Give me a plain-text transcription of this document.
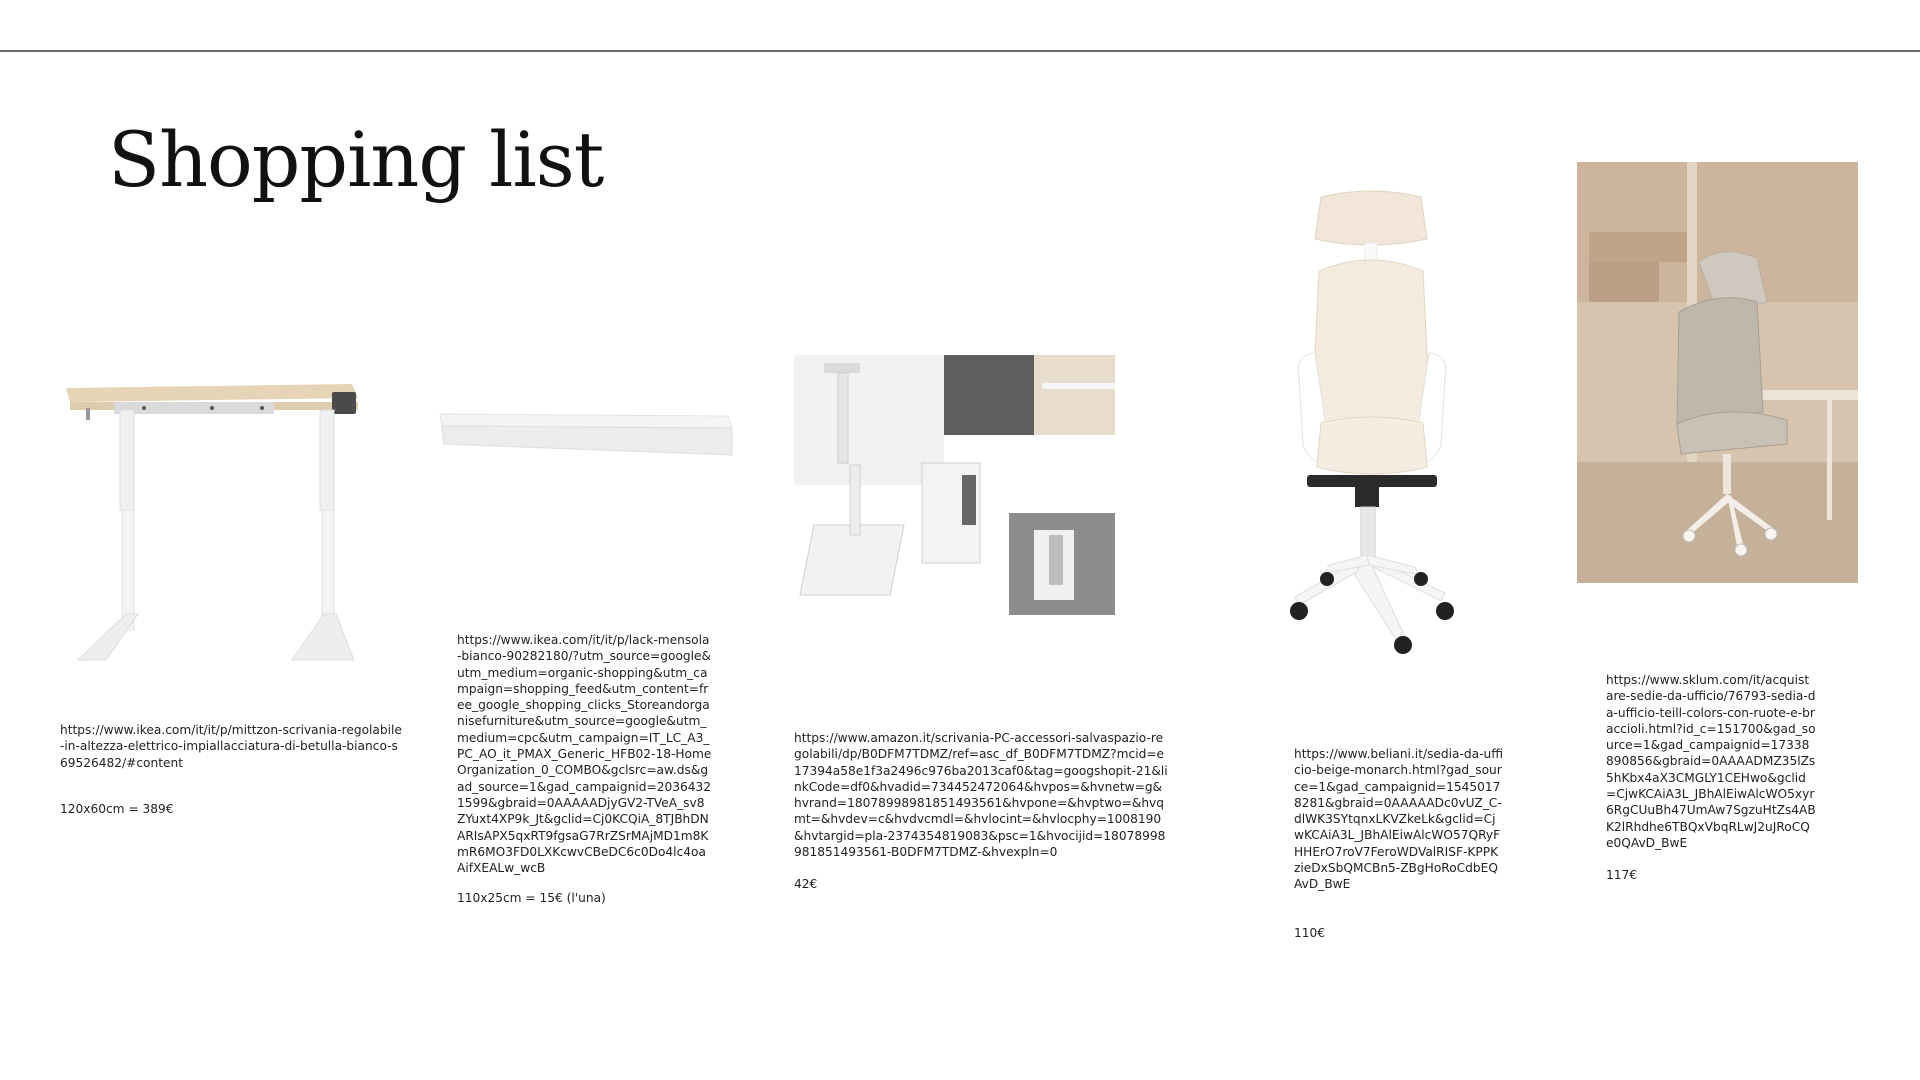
Shopping list

https://www.ikea.com/it/it/p/mittzon-scrivania-regolabile-in-altezza-elettrico-impiallacciatura-di-betulla-bianco-s69526482/#content

120x60cm = 389€

https://www.ikea.com/it/it/p/lack-mensola-bianco-90282180/?utm_source=google&utm_medium=organic-shopping&utm_campaign=shopping_feed&utm_content=free_google_shopping_clicks_Storeandorganisefurniture&utm_source=google&utm_medium=cpc&utm_campaign=IT_LC_A3_PC_AO_it_PMAX_Generic_HFB02-18-HomeOrganization_0_COMBO&gclsrc=aw.ds&gad_source=1&gad_campaignid=20364321599&gbraid=0AAAAADjyGV2-TVeA_sv8ZYuxt4XP9k_Jt&gclid=Cj0KCQiA_8TJBhDNARIsAPX5qxRT9fgsaG7RrZSrMAjMD1m8KmR6MO3FD0LXKcwvCBeDC6c0Do4lc4oaAifXEALw_wcB

110x25cm = 15€ (l'una)

https://www.amazon.it/scrivania-PC-accessori-salvaspazio-regolabili/dp/B0DFM7TDMZ/ref=asc_df_B0DFM7TDMZ?mcid=e17394a58e1f3a2496c976ba2013caf0&tag=googshopit-21&linkCode=df0&hvadid=734452472064&hvpos=&hvnetw=g&hvrand=18078998981851493561&hvpone=&hvptwo=&hvqmt=&hvdev=c&hvdvcmdl=&hvlocint=&hvlocphy=1008190&hvtargid=pla-2374354819083&psc=1&hvocijid=18078998981851493561-B0DFM7TDMZ-&hvexpln=0

42€

https://www.beliani.it/sedia-da-ufficio-beige-monarch.html?gad_source=1&gad_campaignid=15450178281&gbraid=0AAAAADc0vUZ_C-dlWK3SYtqnxLKVZkeLk&gclid=CjwKCAiA3L_JBhAlEiwAlcWO57QRyFHHErO7roV7FeroWDValRISF-KPPKzieDxSbQMCBn5-ZBgHoRoCdbEQAvD_BwE

110€

https://www.sklum.com/it/acquistare-sedie-da-ufficio/76793-sedia-da-ufficio-teill-colors-con-ruote-e-braccioli.html?id_c=151700&gad_source=1&gad_campaignid=17338890856&gbraid=0AAAADMZ35lZs5hKbx4aX3CMGLY1CEHwo&gclid=CjwKCAiA3L_JBhAlEiwAlcWO5xyr6RgCUuBh47UmAw7SgzuHtZs4ABK2lRhdhe6TBQxVbqRLwJ2uJRoCQe0QAvD_BwE

117€
